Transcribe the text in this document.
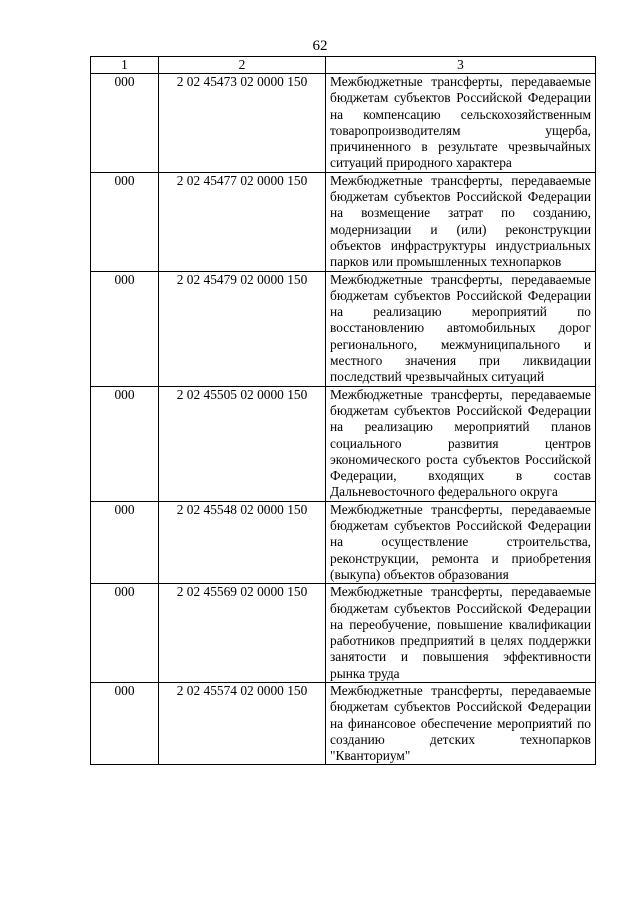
62
1	2	3
000	2 02 45473 02 0000 150	Межбюджетные трансферты, передаваемые бюджетам субъектов Российской Федерации на компенсацию сельскохозяйственным товаропроизводителям ущерба, причиненного в результате чрезвычайных ситуаций природного характера
000	2 02 45477 02 0000 150	Межбюджетные трансферты, передаваемые бюджетам субъектов Российской Федерации на возмещение затрат по созданию, модернизации и (или) реконструкции объектов инфраструктуры индустриальных парков или промышленных технопарков
000	2 02 45479 02 0000 150	Межбюджетные трансферты, передаваемые бюджетам субъектов Российской Федерации на реализацию мероприятий по восстановлению автомобильных дорог регионального, межмуниципального и местного значения при ликвидации последствий чрезвычайных ситуаций
000	2 02 45505 02 0000 150	Межбюджетные трансферты, передаваемые бюджетам субъектов Российской Федерации на реализацию мероприятий планов социального развития центров экономического роста субъектов Российской Федерации, входящих в состав Дальневосточного федерального округа
000	2 02 45548 02 0000 150	Межбюджетные трансферты, передаваемые бюджетам субъектов Российской Федерации на осуществление строительства, реконструкции, ремонта и приобретения (выкупа) объектов образования
000	2 02 45569 02 0000 150	Межбюджетные трансферты, передаваемые бюджетам субъектов Российской Федерации на переобучение, повышение квалификации работников предприятий в целях поддержки занятости и повышения эффективности рынка труда
000	2 02 45574 02 0000 150	Межбюджетные трансферты, передаваемые бюджетам субъектов Российской Федерации на финансовое обеспечение мероприятий по созданию детских технопарков "Кванториум"
